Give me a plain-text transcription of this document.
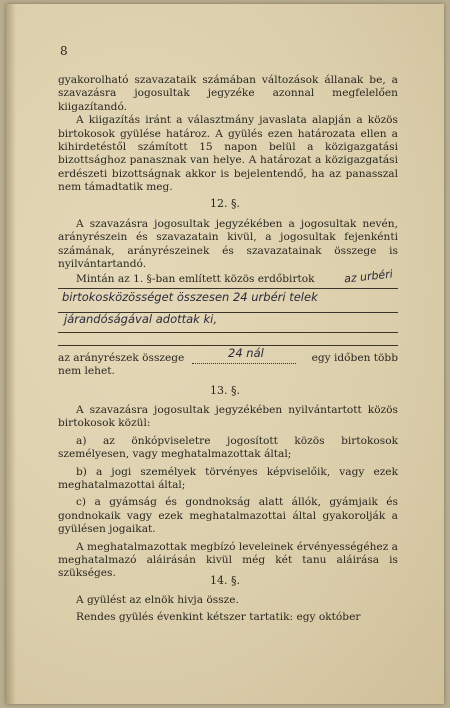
8

gyakorolható szavazataik számában változások állanak be, a szavazásra jogosultak jegyzéke azonnal megfelelően kiigazítandó.

A kiigazítás iránt a választmány javaslata alapján a közös birtokosok gyülése határoz. A gyülés ezen határozata ellen a kihirdetéstől számított 15 napon belül a közigazgatási bizottsághoz panasznak van helye. A határozat a közigazgatási erdészeti bizottságnak akkor is bejelentendő, ha az panasszal nem támadtatik meg.

12. §.

A szavazásra jogosultak jegyzékében a jogosultak nevén, arányrészein és szavazatain kivül, a jogosultak fejenkénti számának, arányrészeinek és szavazatainak összege is nyilvántartandó.

Mintán az 1. §-ban említett közös erdőbirtok	az urbéri
birtokosközösséget összesen 24 urbéri telek
járandóságával adottak ki,
az arányrészek összege	24 nál	egy időben több
nem lehet.
13. §.

A szavazásra jogosultak jegyzékében nyilvántartott közös birtokosok közül:

a) az önkópviseletre jogosított közös birtokosok személyesen, vagy meghatalmazottak által;

b) a jogi személyek törvényes képviselőik, vagy ezek meghatalmazottai által;

c) a gyámság és gondnokság alatt állók, gyámjaik és gondnokaik vagy ezek meghatalmazottai által gyakorolják a gyülésen jogaikat.

A meghatalmazottak megbízó leveleinek érvényességéhez a meghatalmazó aláirásán kivül még két tanu aláirása is szükséges.

14. §.

A gyülést az elnök hivja össze.

Rendes gyülés évenkint kétszer tartatik: egy október
